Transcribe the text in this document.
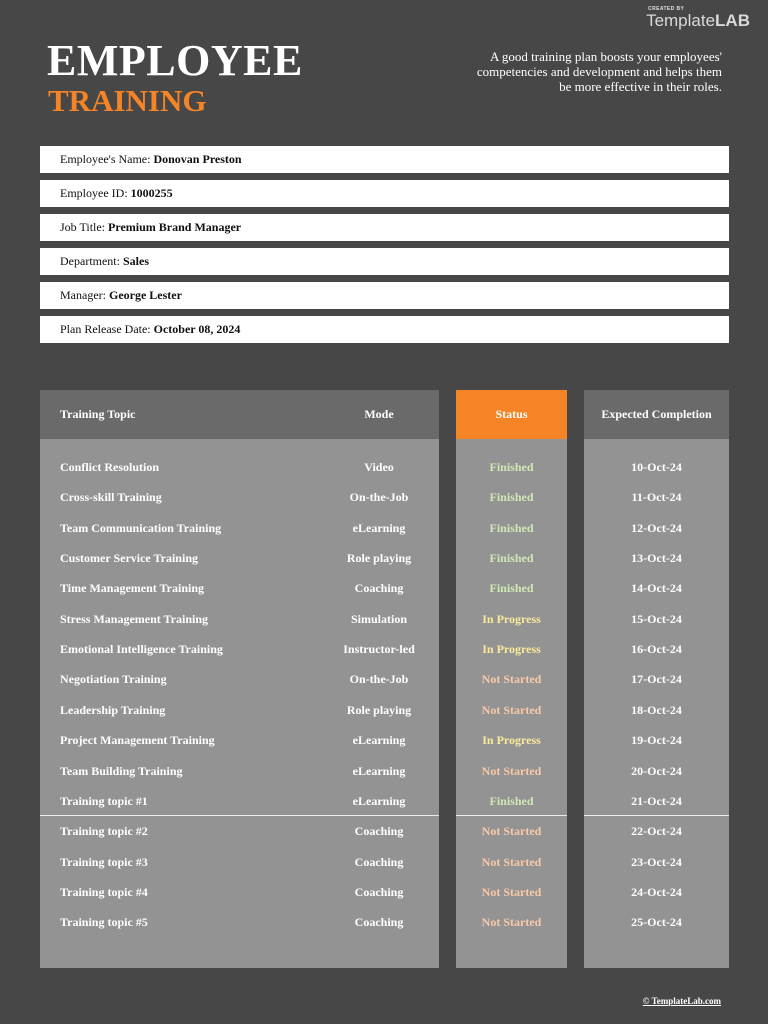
CREATED BY
TemplateLAB
EMPLOYEE
TRAINING
A good training plan boosts your employees'
competencies and development and helps them
be more effective in their roles.
Employee's Name: Donovan Preston
Employee ID: 1000255
Job Title: Premium Brand Manager
Department: Sales
Manager: George Lester
Plan Release Date: October 08, 2024
Training Topic	Mode	Status	Expected Completion
Conflict Resolution	Video	Finished	10-Oct-24
Cross-skill Training	On-the-Job	Finished	11-Oct-24
Team Communication Training	eLearning	Finished	12-Oct-24
Customer Service Training	Role playing	Finished	13-Oct-24
Time Management Training	Coaching	Finished	14-Oct-24
Stress Management Training	Simulation	In Progress	15-Oct-24
Emotional Intelligence Training	Instructor-led	In Progress	16-Oct-24
Negotiation Training	On-the-Job	Not Started	17-Oct-24
Leadership Training	Role playing	Not Started	18-Oct-24
Project Management Training	eLearning	In Progress	19-Oct-24
Team Building Training	eLearning	Not Started	20-Oct-24
Training topic #1	eLearning	Finished	21-Oct-24
Training topic #2	Coaching	Not Started	22-Oct-24
Training topic #3	Coaching	Not Started	23-Oct-24
Training topic #4	Coaching	Not Started	24-Oct-24
Training topic #5	Coaching	Not Started	25-Oct-24
© TemplateLab.com
